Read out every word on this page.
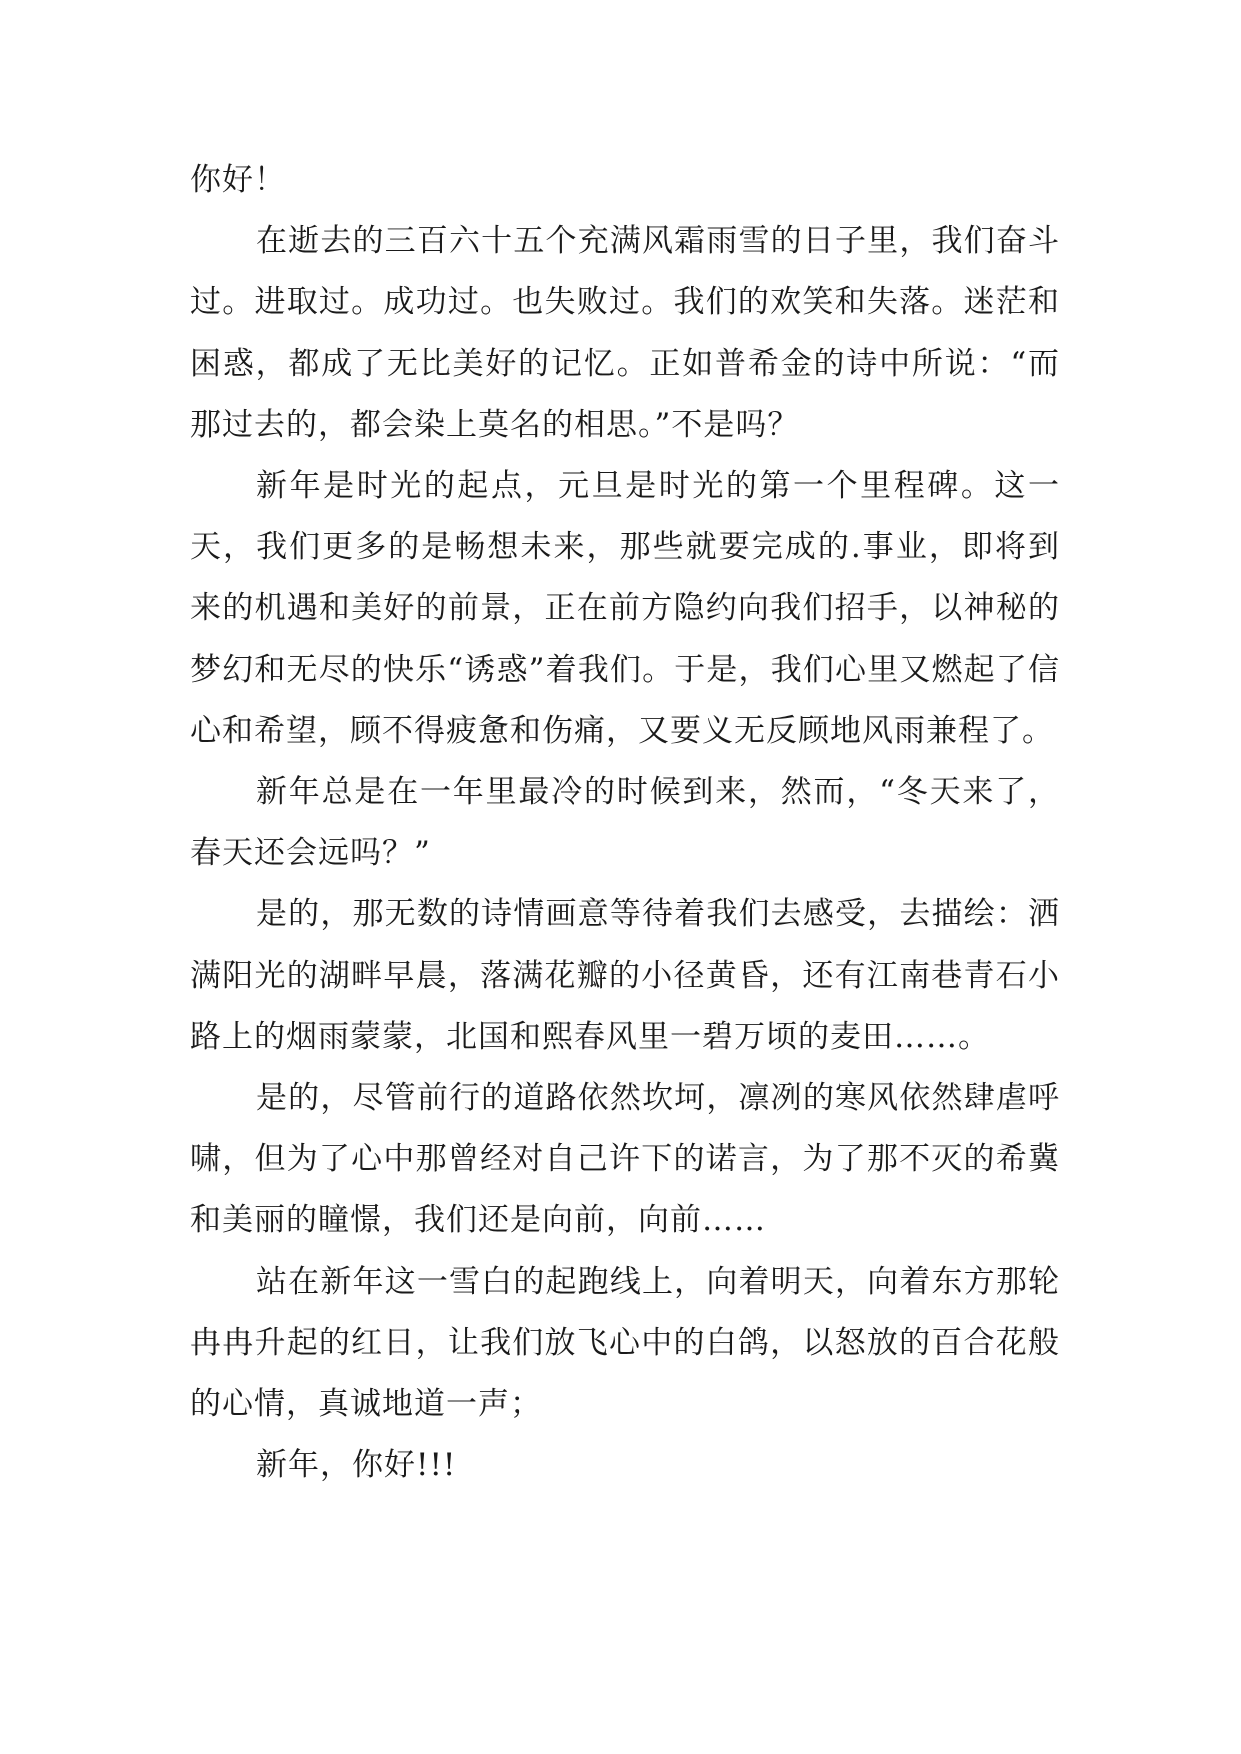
你好！

在逝去的三百六十五个充满风霜雨雪的日子里，我们奋斗过。进取过。成功过。也失败过。我们的欢笑和失落。迷茫和困惑，都成了无比美好的记忆。正如普希金的诗中所说：“而那过去的，都会染上莫名的相思。”不是吗？

新年是时光的起点，元旦是时光的第一个里程碑。这一天，我们更多的是畅想未来，那些就要完成的.事业，即将到来的机遇和美好的前景，正在前方隐约向我们招手，以神秘的梦幻和无尽的快乐“诱惑”着我们。于是，我们心里又燃起了信心和希望，顾不得疲惫和伤痛，又要义无反顾地风雨兼程了。

新年总是在一年里最冷的时候到来，然而，“冬天来了，春天还会远吗？”

是的，那无数的诗情画意等待着我们去感受，去描绘：洒满阳光的湖畔早晨，落满花瓣的小径黄昏，还有江南巷青石小路上的烟雨蒙蒙，北国和熙春风里一碧万顷的麦田……。

是的，尽管前行的道路依然坎坷，凛冽的寒风依然肆虐呼啸，但为了心中那曾经对自己许下的诺言，为了那不灭的希冀和美丽的瞳憬，我们还是向前，向前……

站在新年这一雪白的起跑线上，向着明天，向着东方那轮冉冉升起的红日，让我们放飞心中的白鸽，以怒放的百合花般的心情，真诚地道一声；

新年，你好!!!
